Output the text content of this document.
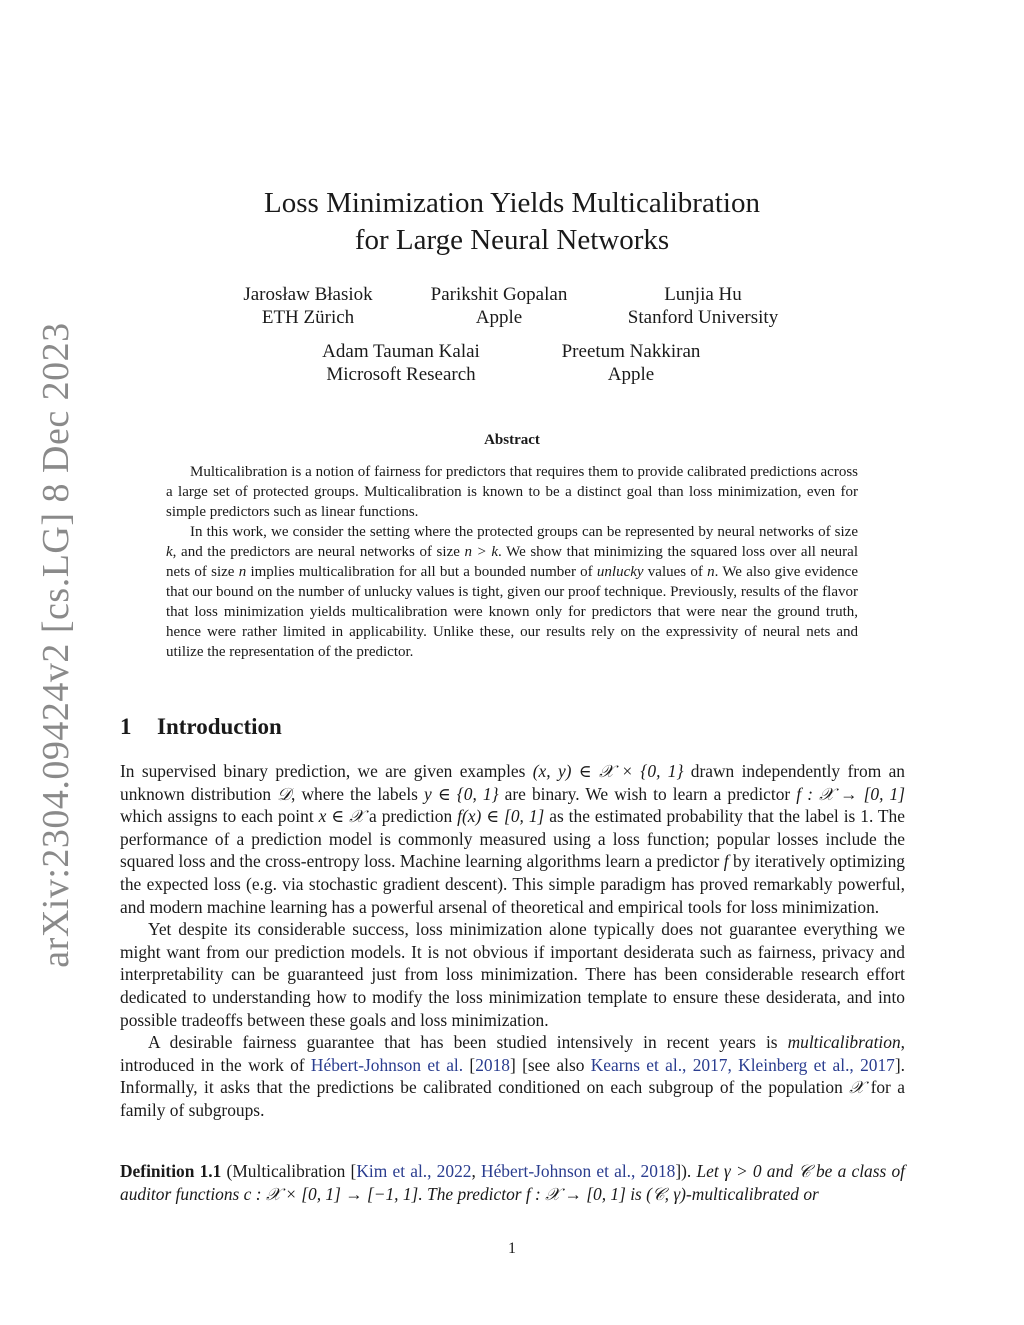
arXiv:2304.09424v2 [cs.LG] 8 Dec 2023
Loss Minimization Yields Multicalibration
for Large Neural Networks
Jarosław Błasiok
ETH Zürich
Parikshit Gopalan
Apple
Lunjia Hu
Stanford University
Adam Tauman Kalai
Microsoft Research
Preetum Nakkiran
Apple
Abstract

Multicalibration is a notion of fairness for predictors that requires them to provide calibrated predictions across a large set of protected groups. Multicalibration is known to be a distinct goal than loss minimization, even for simple predictors such as linear functions.

In this work, we consider the setting where the protected groups can be represented by neural networks of size k, and the predictors are neural networks of size n > k. We show that minimizing the squared loss over all neural nets of size n implies multicalibration for all but a bounded number of unlucky values of n. We also give evidence that our bound on the number of unlucky values is tight, given our proof technique. Previously, results of the flavor that loss minimization yields multicalibration were known only for predictors that were near the ground truth, hence were rather limited in applicability. Unlike these, our results rely on the expressivity of neural nets and utilize the representation of the predictor.

1 Introduction

In supervised binary prediction, we are given examples (x, y) ∈ 𝒳 × {0, 1} drawn independently from an unknown distribution 𝒟, where the labels y ∈ {0, 1} are binary. We wish to learn a predictor f : 𝒳 → [0, 1] which assigns to each point x ∈ 𝒳 a prediction f(x) ∈ [0, 1] as the estimated probability that the label is 1. The performance of a prediction model is commonly measured using a loss function; popular losses include the squared loss and the cross-entropy loss. Machine learning algorithms learn a predictor f by iteratively optimizing the expected loss (e.g. via stochastic gradient descent). This simple paradigm has proved remarkably powerful, and modern machine learning has a powerful arsenal of theoretical and empirical tools for loss minimization.

Yet despite its considerable success, loss minimization alone typically does not guarantee everything we might want from our prediction models. It is not obvious if important desiderata such as fairness, privacy and interpretability can be guaranteed just from loss minimization. There has been considerable research effort dedicated to understanding how to modify the loss minimization template to ensure these desiderata, and into possible tradeoffs between these goals and loss minimization.

A desirable fairness guarantee that has been studied intensively in recent years is multicalibration, introduced in the work of Hébert-Johnson et al. [2018] [see also Kearns et al., 2017, Kleinberg et al., 2017]. Informally, it asks that the predictions be calibrated conditioned on each subgroup of the population 𝒳 for a family of subgroups.

Definition 1.1 (Multicalibration [Kim et al., 2022, Hébert-Johnson et al., 2018]). Let γ > 0 and 𝒞 be a class of auditor functions c : 𝒳 × [0, 1] → [−1, 1]. The predictor f : 𝒳 → [0, 1] is (𝒞, γ)-multicalibrated or
1
